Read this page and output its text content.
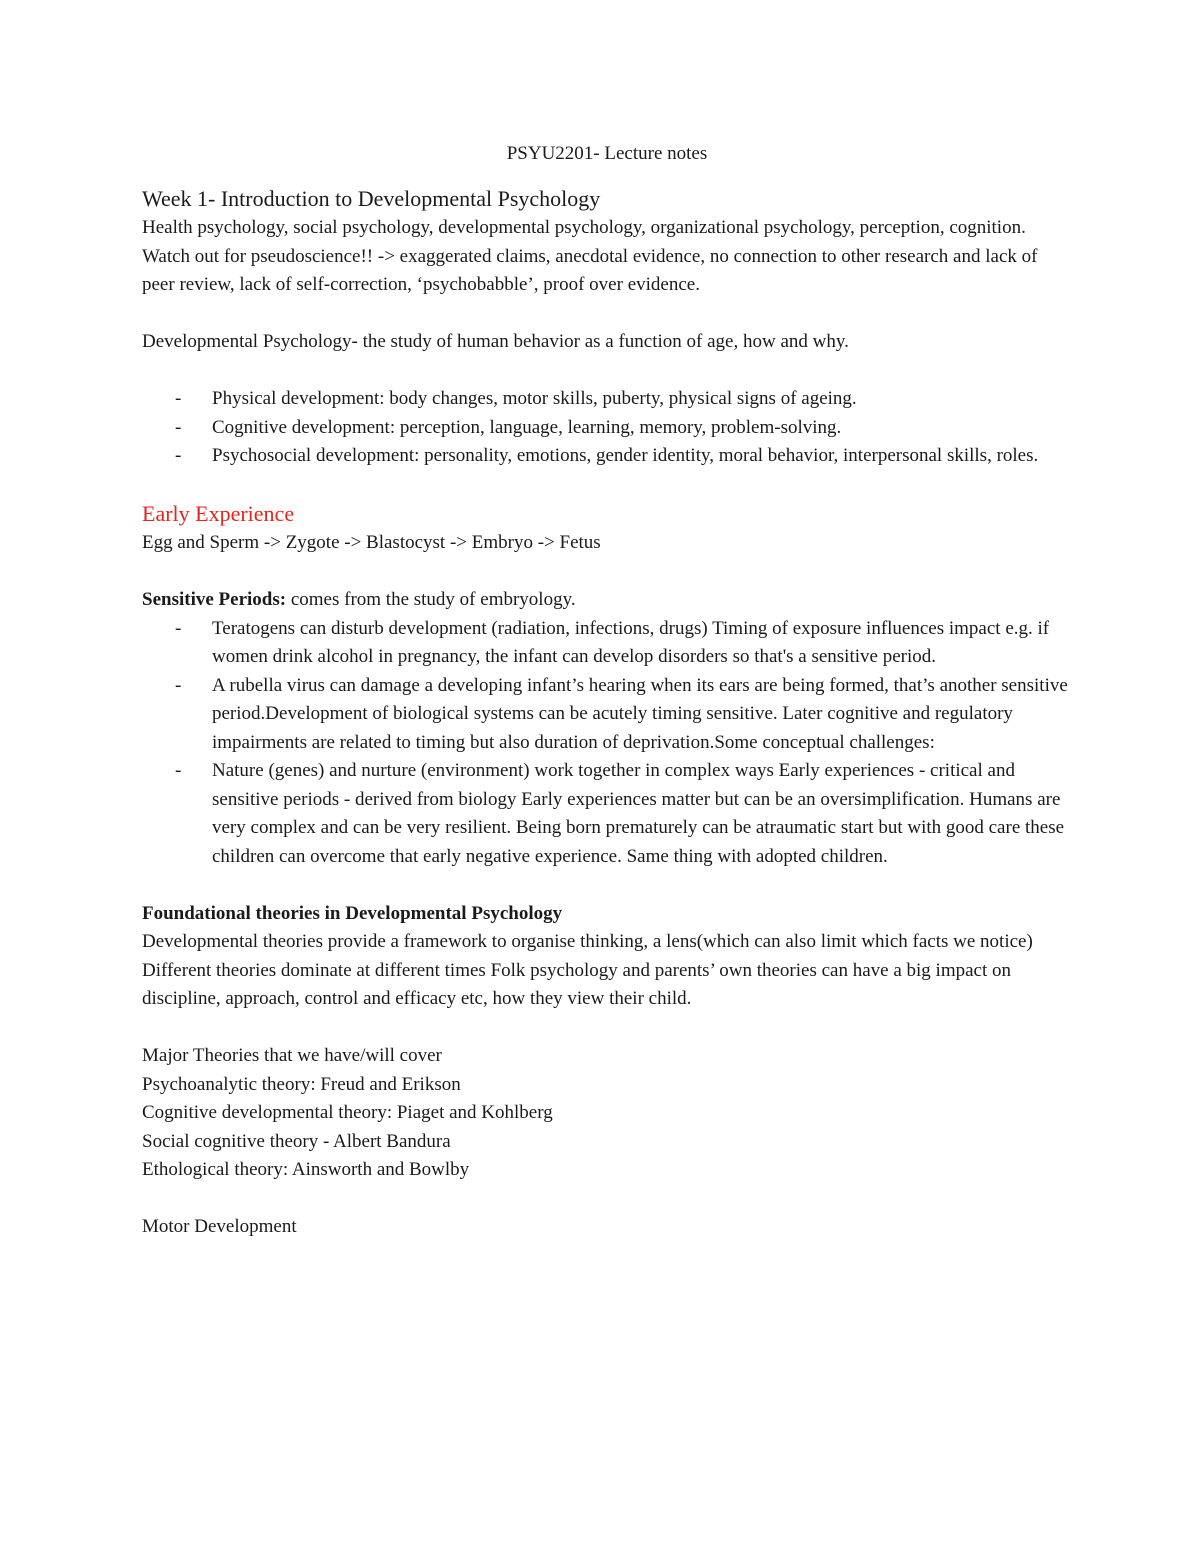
PSYU2201- Lecture notes

Week 1- Introduction to Developmental Psychology

Health psychology, social psychology, developmental psychology, organizational psychology, perception, cognition.

Watch out for pseudoscience!! -> exaggerated claims, anecdotal evidence, no connection to other research and lack of peer review, lack of self-correction, ‘psychobabble’, proof over evidence.

Developmental Psychology- the study of human behavior as a function of age, how and why.

- Physical development: body changes, motor skills, puberty, physical signs of ageing.
- Cognitive development: perception, language, learning, memory, problem-solving.
- Psychosocial development: personality, emotions, gender identity, moral behavior, interpersonal skills, roles.
Early Experience

Egg and Sperm -> Zygote -> Blastocyst -> Embryo -> Fetus

Sensitive Periods: comes from the study of embryology.

- Teratogens can disturb development (radiation, infections, drugs) Timing of exposure influences impact e.g. if women drink alcohol in pregnancy, the infant can develop disorders so that's a sensitive period.
- A rubella virus can damage a developing infant’s hearing when its ears are being formed, that’s another sensitive period.Development of biological systems can be acutely timing sensitive. Later cognitive and regulatory impairments are related to timing but also duration of deprivation.Some conceptual challenges:
- Nature (genes) and nurture (environment) work together in complex ways Early experiences - critical and sensitive periods - derived from biology Early experiences matter but can be an oversimplification. Humans are very complex and can be very resilient. Being born prematurely can be atraumatic start but with good care these children can overcome that early negative experience. Same thing with adopted children.

Foundational theories in Developmental Psychology

Developmental theories provide a framework to organise thinking, a lens(which can also limit which facts we notice) Different theories dominate at different times Folk psychology and parents’ own theories can have a big impact on discipline, approach, control and efficacy etc, how they view their child.

Major Theories that we have/will cover

Psychoanalytic theory: Freud and Erikson

Cognitive developmental theory: Piaget and Kohlberg

Social cognitive theory - Albert Bandura

Ethological theory: Ainsworth and Bowlby

Motor Development
